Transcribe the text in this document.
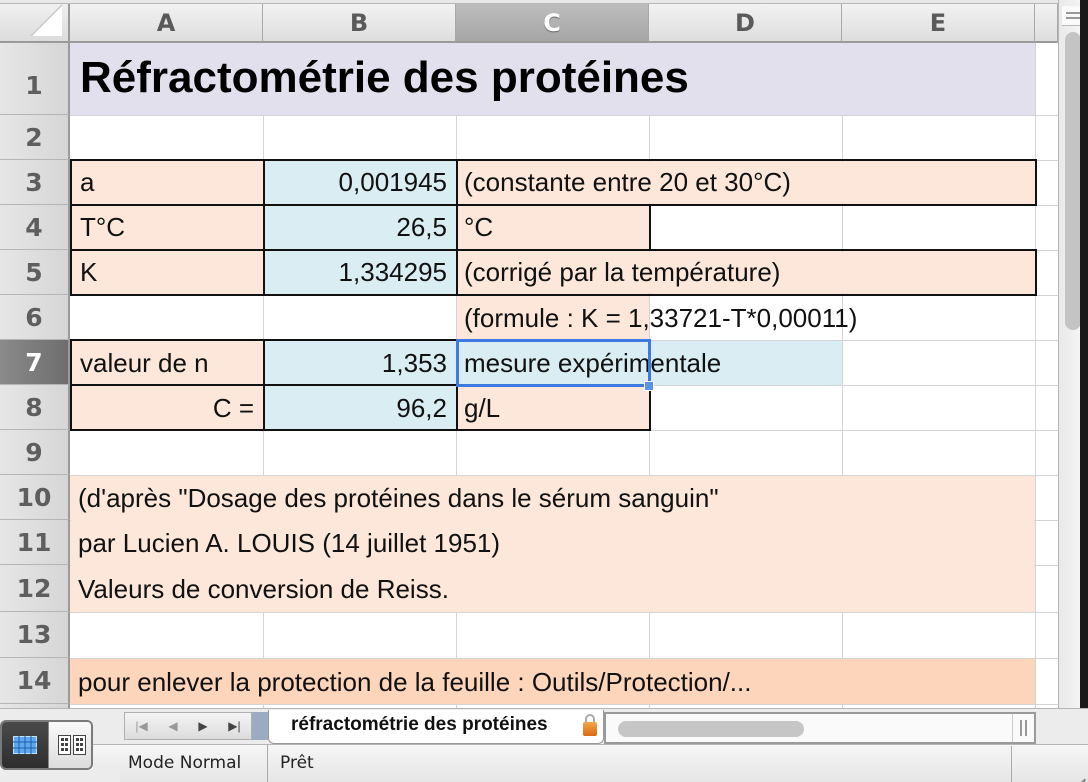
A	B	C	D	E
1
2
3
4
5
6
7
8
9
10
11
12
13
14
Réfractométrie des protéines
a	0,001945 (constante entre 20 et 30°C)
T°C	26,5 °C
K	1,334295 (corrigé par la température)
(formule : K = 1,33721-T*0,00011)
valeur de n	1,353 mesure expérimentale
C =	96,2 g/L
(d'après "Dosage des protéines dans le sérum sanguin"
par Lucien A. LOUIS (14 juillet 1951)
Valeurs de conversion de Reiss.
pour enlever la protection de la feuille : Outils/Protection/...
|◀ ◀ ▶ ▶|	réfractométrie des protéines
Mode Normal	Prêt
